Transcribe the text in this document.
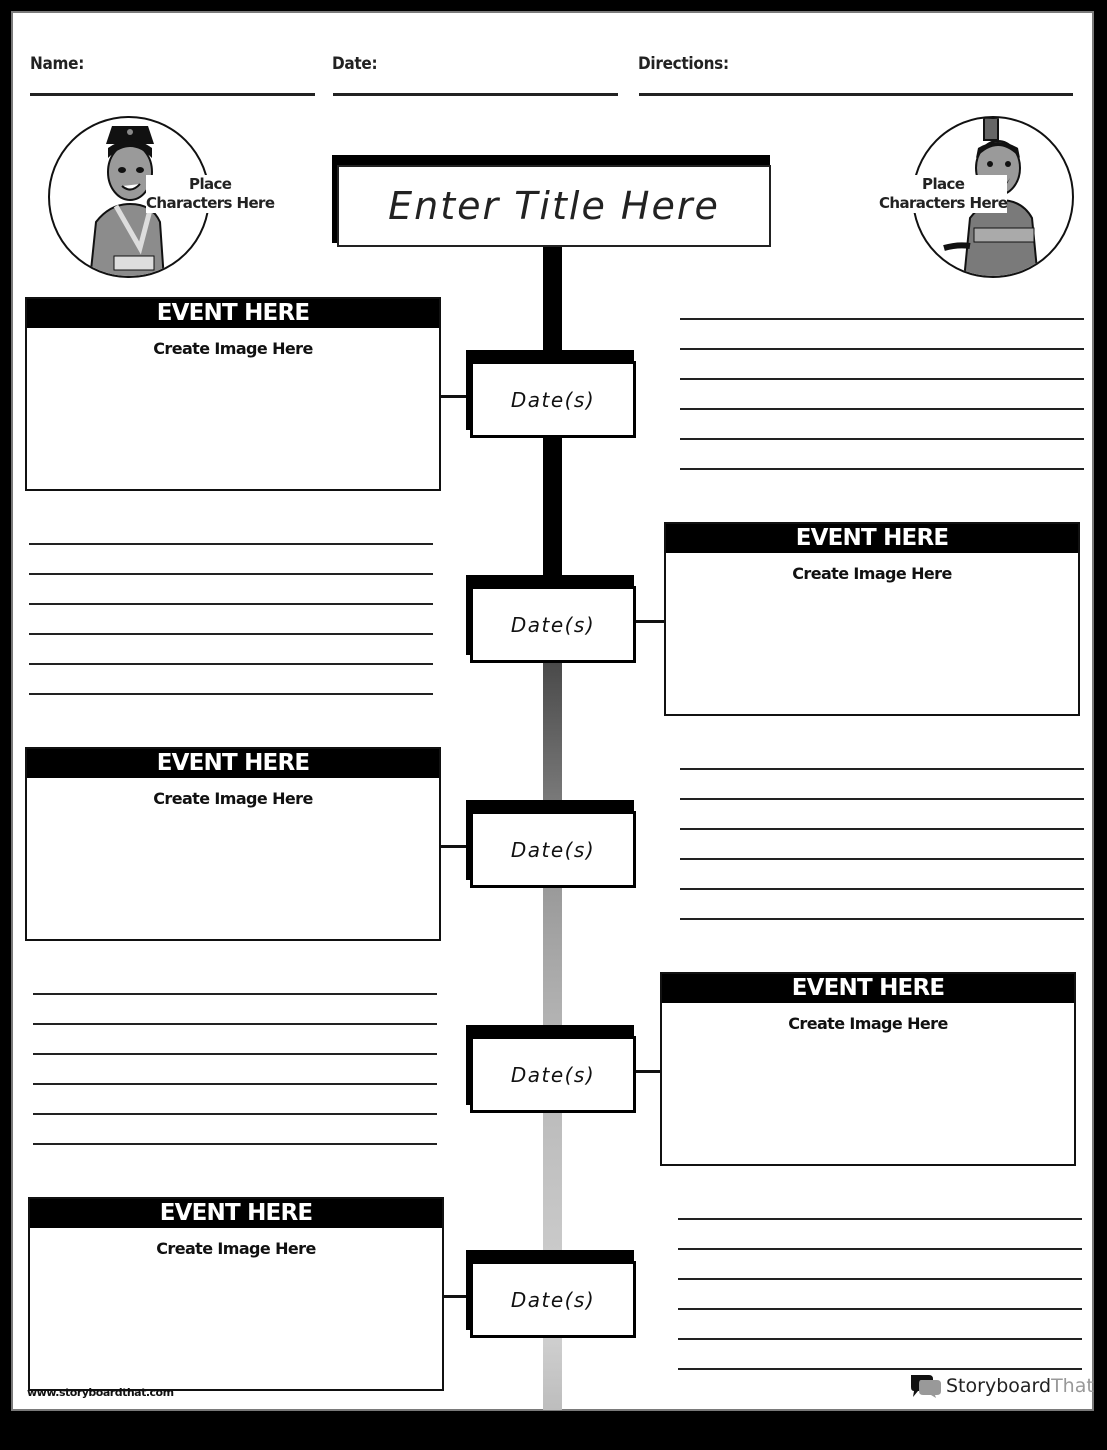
Name:	Date:	Directions:
Place
Characters Here
Place
Characters Here
Enter Title Here
EVENT HERE
Create Image Here
Date(s)
EVENT HERE
Create Image Here
Date(s)
EVENT HERE
Create Image Here
Date(s)
EVENT HERE
Create Image Here
Date(s)
EVENT HERE
Create Image Here
Date(s)
www.storyboardthat.com	Storyboard That
